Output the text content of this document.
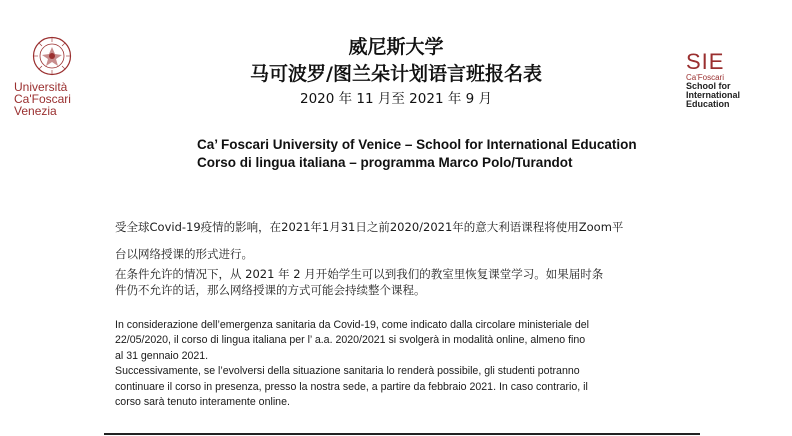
Università
Ca'Foscari
Venezia
威尼斯大学
马可波罗/图兰朵计划语言班报名表
2020 年 11 月至 2021 年 9 月
SIE
Ca'Foscari
School for
International
Education
Ca’ Foscari University of Venice – School for International Education
Corso di lingua italiana – programma Marco Polo/Turandot
受全球Covid-19疫情的影响，在2021年1月31日之前2020/2021年的意大利语课程将使用Zoom平
台以网络授课的形式进行。
在条件允许的情况下，从 2021 年 2 月开始学生可以到我们的教室里恢复课堂学习。如果届时条
件仍不允许的话，那么网络授课的方式可能会持续整个课程。
In considerazione dell’emergenza sanitaria da Covid-19, come indicato dalla circolare ministeriale del
22/05/2020, il corso di lingua italiana per l’ a.a. 2020/2021 si svolgerà in modalità online, almeno fino
al 31 gennaio 2021.
Successivamente, se l’evolversi della situazione sanitaria lo renderà possibile, gli studenti potranno
continuare il corso in presenza, presso la nostra sede, a partire da febbraio 2021. In caso contrario, il
corso sarà tenuto interamente online.
